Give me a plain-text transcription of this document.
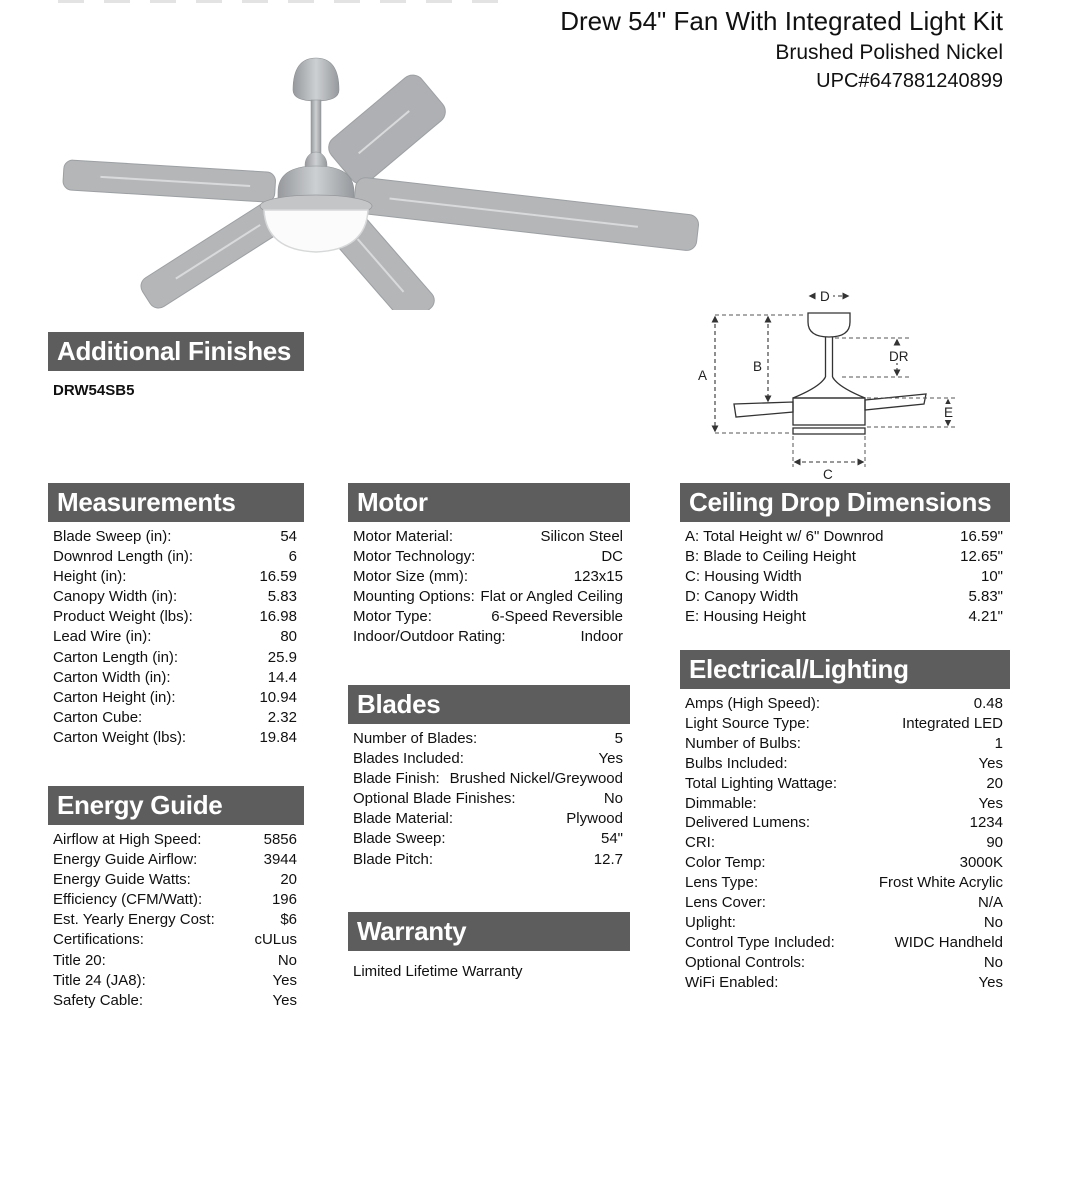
Drew 54" Fan With Integrated Light Kit
Brushed Polished Nickel
UPC#647881240899
D
A
B
DR
E
C
Additional Finishes
DRW54SB5
Measurements
Blade Sweep (in):	54
Downrod Length (in):	6
Height (in):	16.59
Canopy Width (in):	5.83
Product Weight (lbs):	16.98
Lead Wire (in):	80
Carton Length (in):	25.9
Carton Width (in):	14.4
Carton Height (in):	10.94
Carton Cube:	2.32
Carton Weight (lbs):	19.84
Energy Guide
Airflow at High Speed:	5856
Energy Guide Airflow:	3944
Energy Guide Watts:	20
Efficiency (CFM/Watt):	196
Est. Yearly Energy Cost:	$6
Certifications:	cULus
Title 20:	No
Title 24 (JA8):	Yes
Safety Cable:	Yes
Motor
Motor Material:	Silicon Steel
Motor Technology:	DC
Motor Size (mm):	123x15
Mounting Options: Flat or Angled Ceiling
Motor Type:	6-Speed Reversible
Indoor/Outdoor Rating:	Indoor
Blades
Number of Blades:	5
Blades Included:	Yes
Blade Finish: Brushed Nickel/Greywood
Optional Blade Finishes:	No
Blade Material:	Plywood
Blade Sweep:	54"
Blade Pitch:	12.7
Warranty
Limited Lifetime Warranty
Ceiling Drop Dimensions
A: Total Height w/ 6" Downrod	16.59"
B: Blade to Ceiling Height	12.65"
C: Housing Width	10"
D: Canopy Width	5.83"
E: Housing Height	4.21"
Electrical/Lighting
Amps (High Speed):	0.48
Light Source Type:	Integrated LED
Number of Bulbs:	1
Bulbs Included:	Yes
Total Lighting Wattage:	20
Dimmable:	Yes
Delivered Lumens:	1234
CRI:	90
Color Temp:	3000K
Lens Type:	Frost White Acrylic
Lens Cover:	N/A
Uplight:	No
Control Type Included:	WIDC Handheld
Optional Controls:	No
WiFi Enabled:	Yes
